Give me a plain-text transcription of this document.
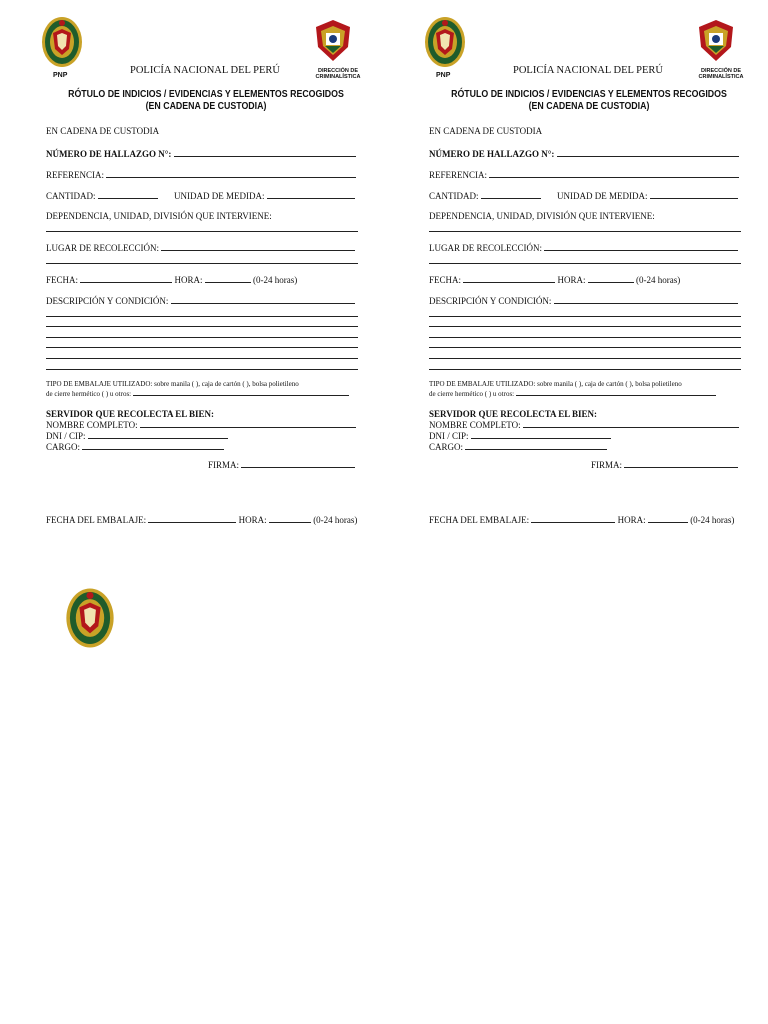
PNP	POLICÍA NACIONAL DEL PERÚ	DIRECCIÓN DE
CRIMINALÍSTICA
RÓTULO DE INDICIOS / EVIDENCIAS Y ELEMENTOS RECOGIDOS
(EN CADENA DE CUSTODIA)
EN CADENA DE CUSTODIA
NÚMERO DE HALLAZGO N°:
REFERENCIA:
CANTIDAD:	UNIDAD DE MEDIDA:
DEPENDENCIA, UNIDAD, DIVISIÓN QUE INTERVIENE:
LUGAR DE RECOLECCIÓN:
FECHA:	HORA:	(0-24 horas)
DESCRIPCIÓN Y CONDICIÓN:
TIPO DE EMBALAJE UTILIZADO: sobre manila ( ), caja de cartón ( ), bolsa polietileno
de cierre hermético ( ) u otros:
SERVIDOR QUE RECOLECTA EL BIEN:
NOMBRE COMPLETO:
DNI / CIP:
CARGO:
FIRMA:
FECHA DEL EMBALAJE:	HORA:	(0-24 horas)
PNP	POLICÍA NACIONAL DEL PERÚ	DIRECCIÓN DE
CRIMINALÍSTICA
RÓTULO DE INDICIOS / EVIDENCIAS Y ELEMENTOS RECOGIDOS
(EN CADENA DE CUSTODIA)
EN CADENA DE CUSTODIA
NÚMERO DE HALLAZGO N°:
REFERENCIA:
CANTIDAD:	UNIDAD DE MEDIDA:
DEPENDENCIA, UNIDAD, DIVISIÓN QUE INTERVIENE:
LUGAR DE RECOLECCIÓN:
FECHA:	HORA:	(0-24 horas)
DESCRIPCIÓN Y CONDICIÓN:
TIPO DE EMBALAJE UTILIZADO: sobre manila ( ), caja de cartón ( ), bolsa polietileno
de cierre hermético ( ) u otros:
SERVIDOR QUE RECOLECTA EL BIEN:
NOMBRE COMPLETO:
DNI / CIP:
CARGO:
FIRMA:
FECHA DEL EMBALAJE:	HORA:	(0-24 horas)
